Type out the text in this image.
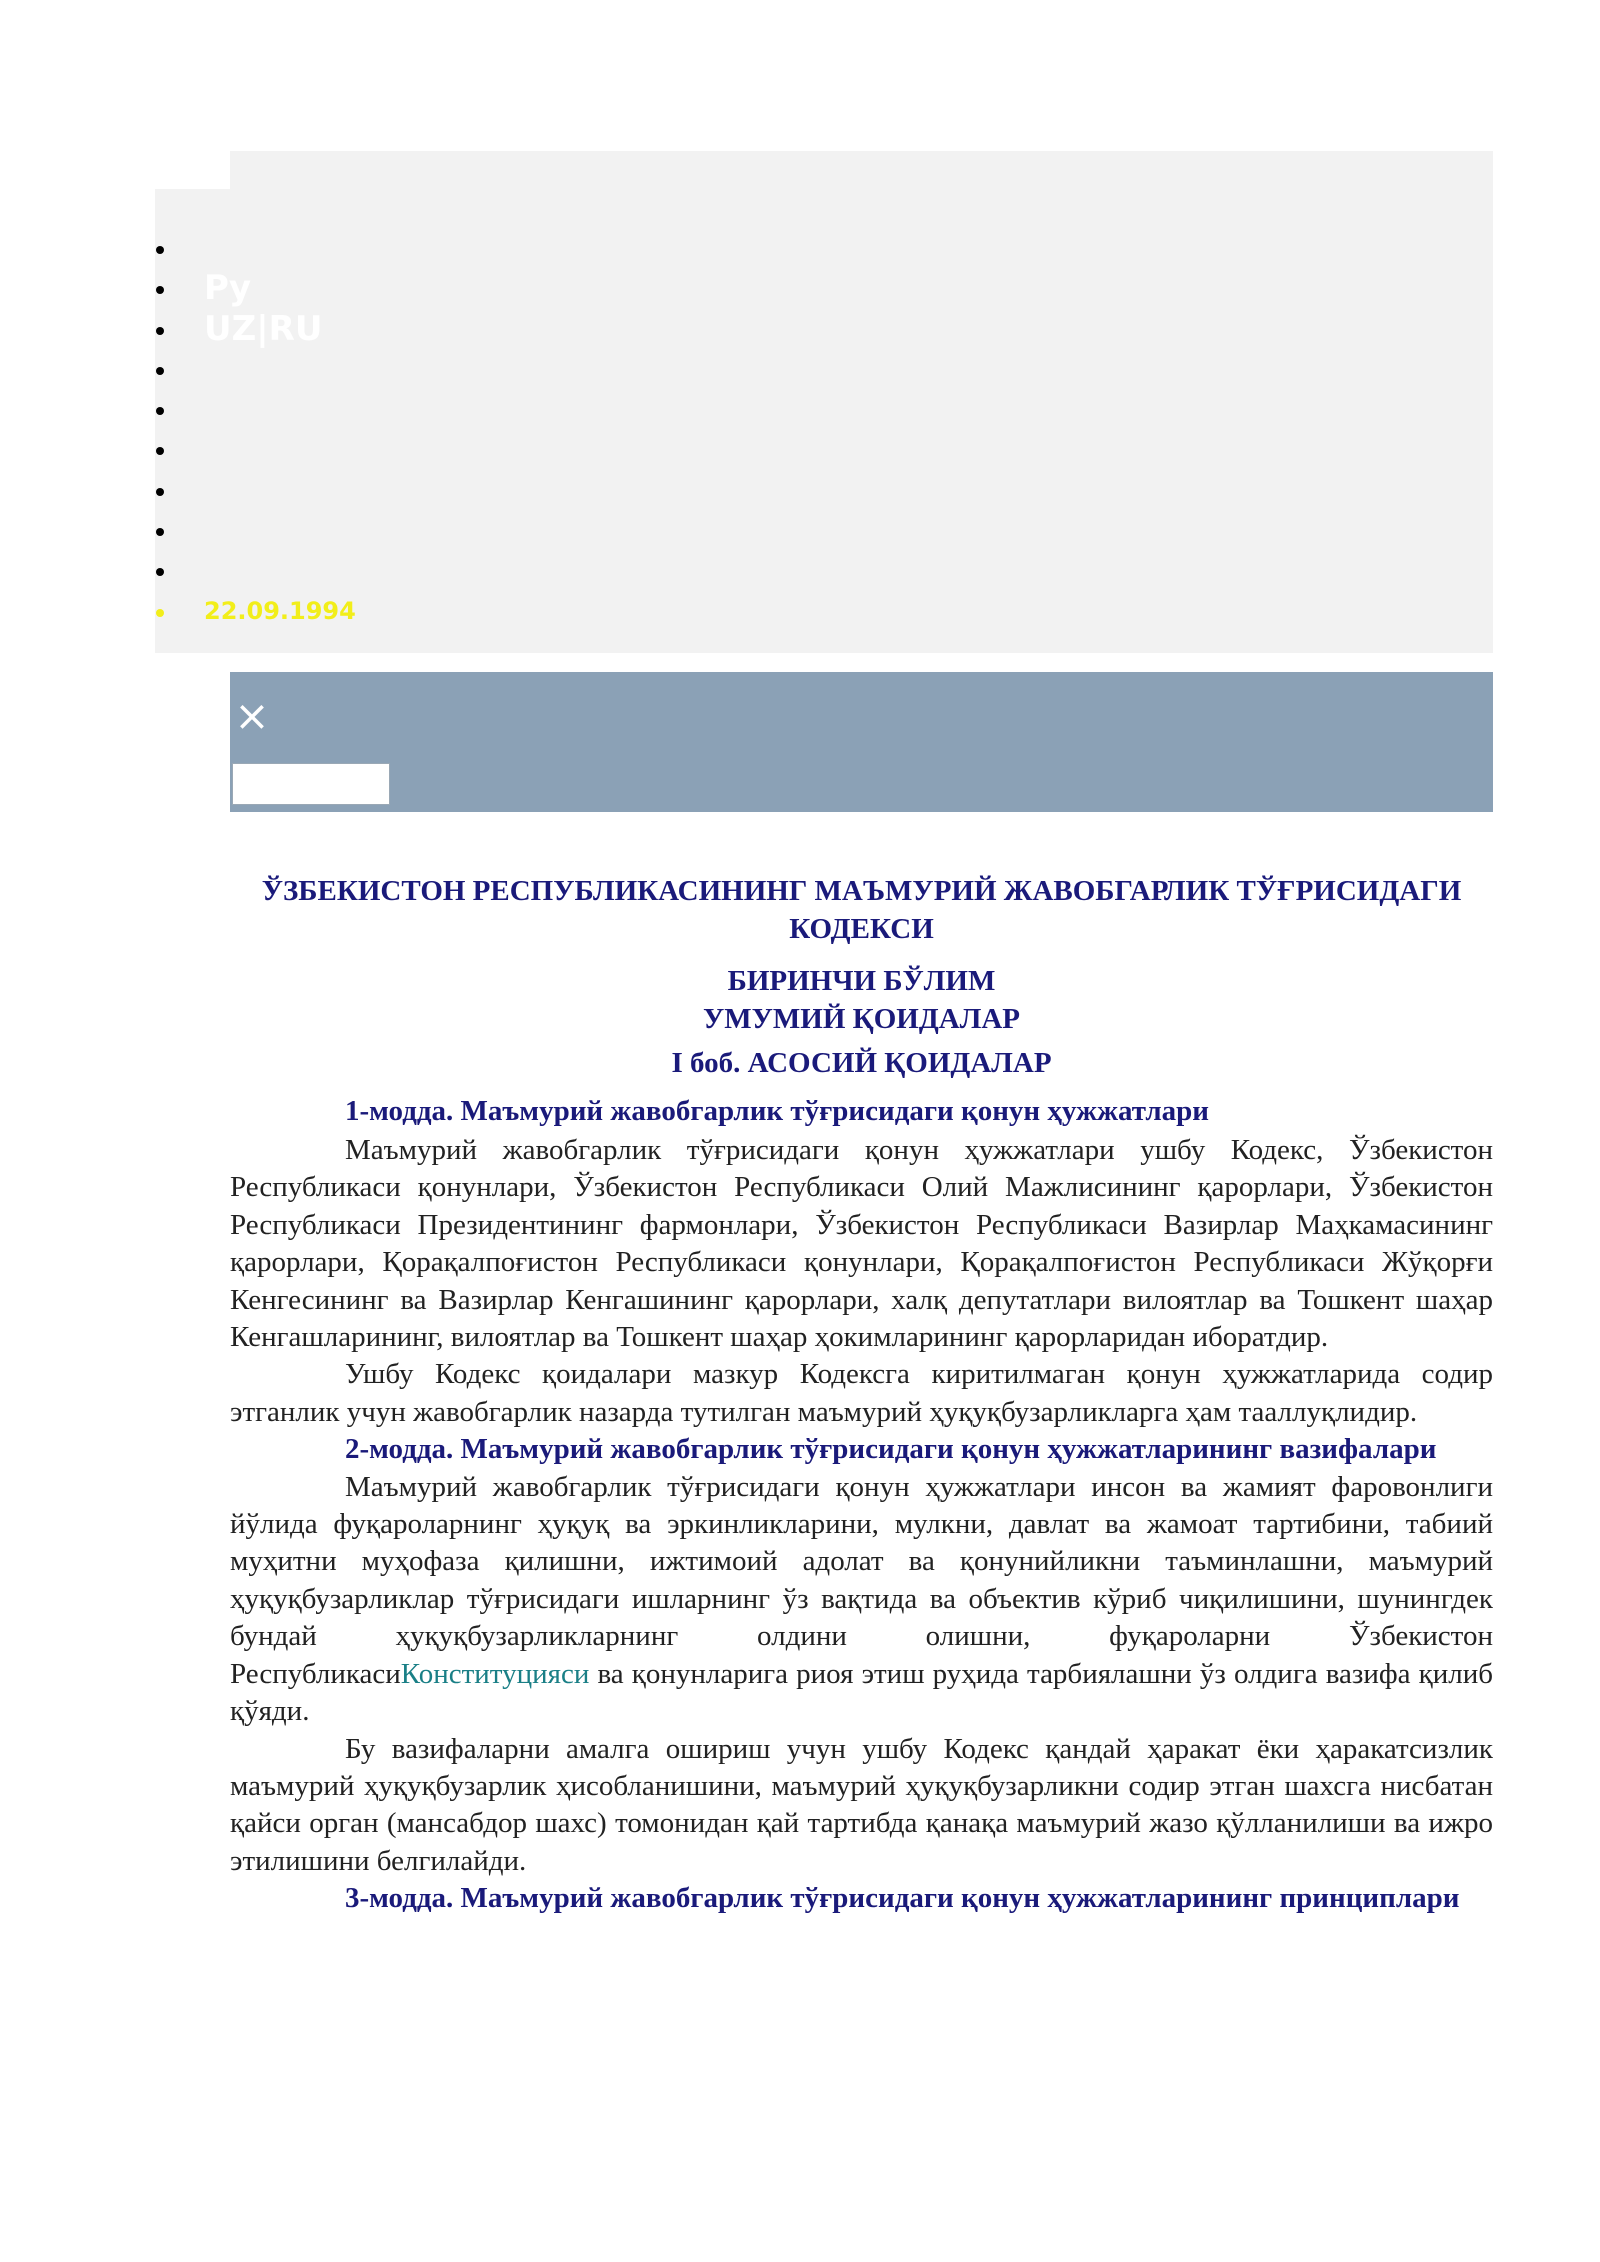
Ру
UZ|RU
22.09.1994
×

ЎЗБЕКИСТОН РЕСПУБЛИКАСИНИНГ МАЪМУРИЙ ЖАВОБГАРЛИК ТЎҒРИСИДАГИ КОДЕКСИ

БИРИНЧИ БЎЛИМ

УМУМИЙ ҚОИДАЛАР

I боб. АСОСИЙ ҚОИДАЛАР

1-модда. Маъмурий жавобгарлик тўғрисидаги қонун ҳужжатлари

Маъмурий жавобгарлик тўғрисидаги қонун ҳужжатлари ушбу Кодекс, Ўзбекистон Республикаси қонунлари, Ўзбекистон Республикаси Олий Мажлисининг қарорлари, Ўзбекистон Республикаси Президентининг фармонлари, Ўзбекистон Республикаси Вазирлар Маҳкамасининг қарорлари, Қорақалпоғистон Республикаси қонунлари, Қорақалпоғистон Республикаси Жўқорғи Кенгесининг ва Вазирлар Кенгашининг қарорлари, халқ депутатлари вилоятлар ва Тошкент шаҳар Кенгашларининг, вилоятлар ва Тошкент шаҳар ҳокимларининг қарорларидан иборатдир.

Ушбу Кодекс қоидалари мазкур Кодексга киритилмаган қонун ҳужжатларида содир этганлик учун жавобгарлик назарда тутилган маъмурий ҳуқуқбузарликларга ҳам тааллуқлидир.

2-модда. Маъмурий жавобгарлик тўғрисидаги қонун ҳужжатларининг вазифалари

Маъмурий жавобгарлик тўғрисидаги қонун ҳужжатлари инсон ва жамият фаровонлиги йўлида фуқароларнинг ҳуқуқ ва эркинликларини, мулкни, давлат ва жамоат тартибини, табиий муҳитни муҳофаза қилишни, ижтимоий адолат ва қонунийликни таъминлашни, маъмурий ҳуқуқбузарликлар тўғрисидаги ишларнинг ўз вақтида ва объектив кўриб чиқилишини, шунингдек бундай ҳуқуқбузарликларнинг олдини олишни, фуқароларни Ўзбекистон РеспубликасиКонституцияси ва қонунларига риоя этиш руҳида тарбиялашни ўз олдига вазифа қилиб қўяди.

Бу вазифаларни амалга ошириш учун ушбу Кодекс қандай ҳаракат ёки ҳаракатсизлик маъмурий ҳуқуқбузарлик ҳисобланишини, маъмурий ҳуқуқбузарликни содир этган шахсга нисбатан қайси орган (мансабдор шахс) томонидан қай тартибда қанақа маъмурий жазо қўлланилиши ва ижро этилишини белгилайди.

3-модда. Маъмурий жавобгарлик тўғрисидаги қонун ҳужжатларининг принциплари
